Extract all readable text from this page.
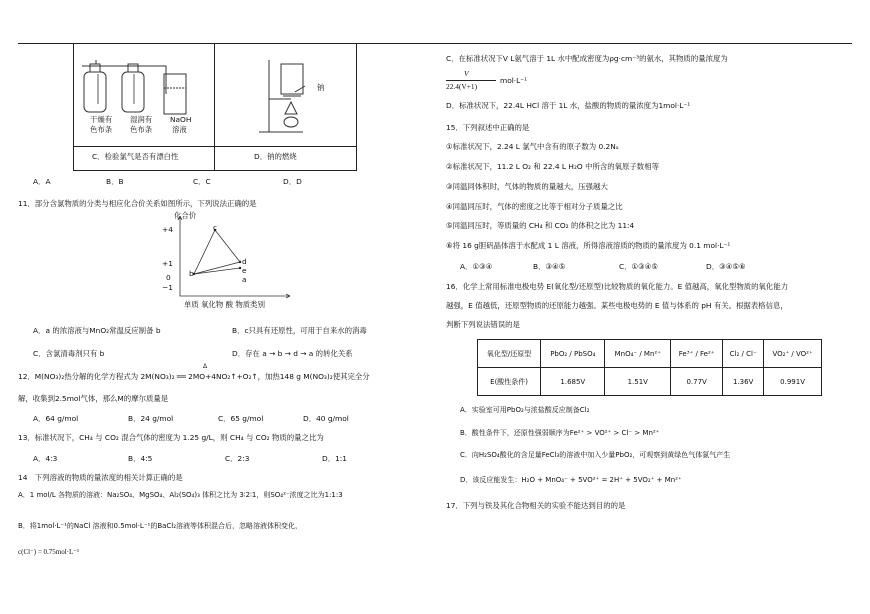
干燥有
色布条
湿润有
色布条
NaOH
溶液
钠
C．检验氯气是否有漂白性	D．钠的燃烧
A．A	B．B	C．C	D．D
11．部分含氯物质的分类与相应化合价关系如图所示，下列说法正确的是
化合价
+4
+1
0
−1
c
d
b	e
a
单质 氧化物 酸 物质类别
A．a 的浓溶液与MnO₂常温反应制备 b	B．c只具有还原性，可用于自来水的消毒
C．含氯清毒剂只有 b	D．存在 a → b → d → a 的转化关系
Δ
12．M(NO₃)₂热分解的化学方程式为 2M(NO₃)₂ ══ 2MO+4NO₂↑+O₂↑，加热148 g M(NO₃)₂使其完全分
解，收集到2.5mol气体，那么M的摩尔质量是
A．64 g/mol	B．24 g/mol	C．65 g/mol	D．40 g/mol
13．标准状况下，CH₄ 与 CO₂ 混合气体的密度为 1.25 g/L，则 CH₄ 与 CO₂ 物质的量之比为
A．4:3	B．4:5	C．2:3	D．1:1
14　下列溶液的物质的量浓度的相关计算正确的是
A．1 mol/L 各物质的溶液：Na₂SO₄、MgSO₄、Al₂(SO₄)₃ 体积之比为 3∶2∶1，则SO₄²⁻浓度之比为1:1:3
B．将1mol·L⁻¹的NaCl 溶液和0.5mol·L⁻¹的BaCl₂溶液等体积混合后，忽略溶液体积变化，
c(Cl⁻) = 0.75mol·L⁻¹
C．在标准状况下V L氨气溶于 1L 水中配成密度为ρg·cm⁻³的氨水，其物质的量浓度为
V
22.4(V+1)
mol·L⁻¹
D．标准状况下，22.4L HCl 溶于 1L 水，盐酸的物质的量浓度为1mol·L⁻¹
15．下列叙述中正确的是
①标准状况下，2.24 L 氯气中含有的原子数为 0.2Nₐ
②标准状况下，11.2 L O₂ 和 22.4 L H₂O 中所含的氧原子数相等
③同温同体积时，气体的物质的量越大，压强越大
④同温同压时，气体的密度之比等于相对分子质量之比
⑤同温同压时，等质量的 CH₄ 和 CO₂ 的体积之比为 11:4
⑥将 16 g胆矾晶体溶于水配成 1 L 溶液，所得溶液溶质的物质的量浓度为 0.1 mol·L⁻¹
A．①③④	B．③④⑤	C．①③④⑤	D．③④⑤⑥
16．化学上常用标准电极电势 E(氧化型/还原型)比较物质的氧化能力。E 值越高，氧化型物质的氧化能力
越强，E 值越低，还原型物质的还原能力越强。某些电极电势的 E 值与体系的 pH 有关。根据表格信息，
判断下列说法错误的是
氧化型/还原型	PbO₂ / PbSO₄	MnO₄⁻ / Mn²⁺	Fe³⁺ / Fe²⁺	Cl₂ / Cl⁻	VO₂⁺ / VO²⁺
E(酸性条件)	1.685V	1.51V	0.77V	1.36V	0.991V
A．实验室可用PbO₂与浓盐酸反应制备Cl₂
B．酸性条件下，还原性强弱顺序为Fe²⁺ > VO²⁺ > Cl⁻ > Mn²⁺
C．向H₂SO₄酸化的含足量FeCl₃的溶液中加入少量PbO₂，可观察到黄绿色气体氯气产生
D．该反应能发生：H₂O + MnO₄⁻ + 5VO²⁺ = 2H⁺ + 5VO₂⁺ + Mn²⁺
17．下列与铁及其化合物相关的实验不能达到目的的是
